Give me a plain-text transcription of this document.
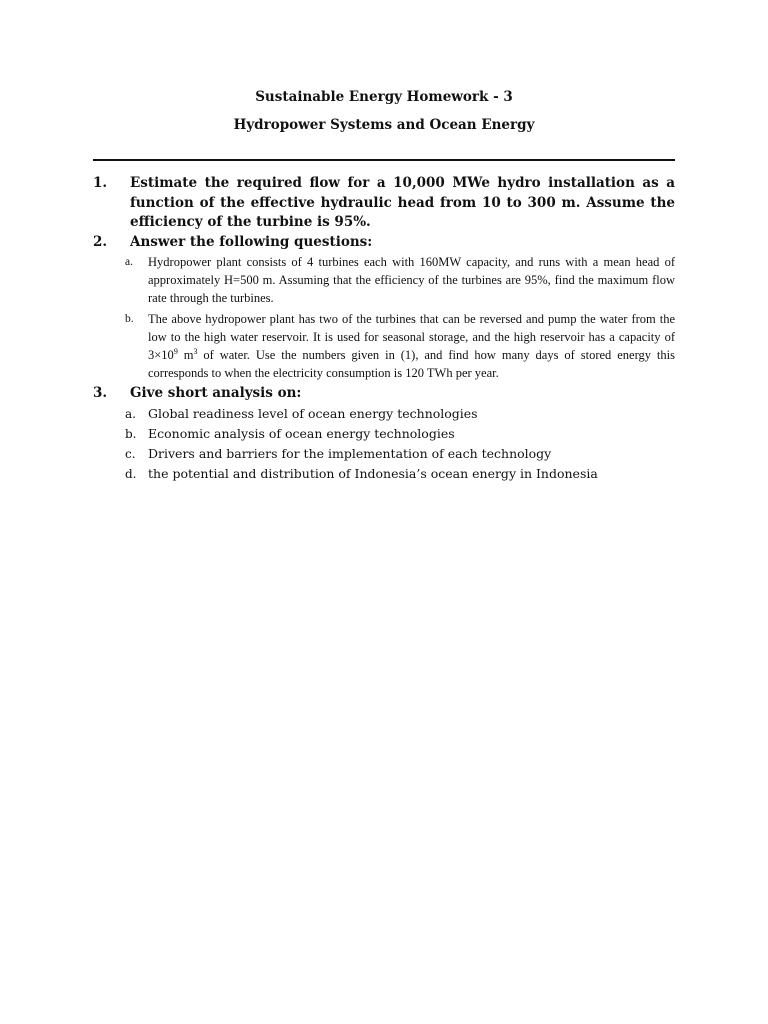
Sustainable Energy Homework - 3
Hydropower Systems and Ocean Energy
1. Estimate the required flow for a 10,000 MWe hydro installation as a function of the effective hydraulic head from 10 to 300 m. Assume the efficiency of the turbine is 95%.
2. Answer the following questions:
a. Hydropower plant consists of 4 turbines each with 160MW capacity, and runs with a mean head of approximately H=500 m. Assuming that the efficiency of the turbines are 95%, find the maximum flow rate through the turbines.
b. The above hydropower plant has two of the turbines that can be reversed and pump the water from the low to the high water reservoir. It is used for seasonal storage, and the high reservoir has a capacity of $3\times 10^9$ $m^3$ of water. Use the numbers given in (1), and find how many days of stored energy this corresponds to when the electricity consumption is 120 TWh per year.
3. Give short analysis on:
a. Global readiness level of ocean energy technologies
b. Economic analysis of ocean energy technologies
c. Drivers and barriers for the implementation of each technology
d. the potential and distribution of Indonesia’s ocean energy in Indonesia
